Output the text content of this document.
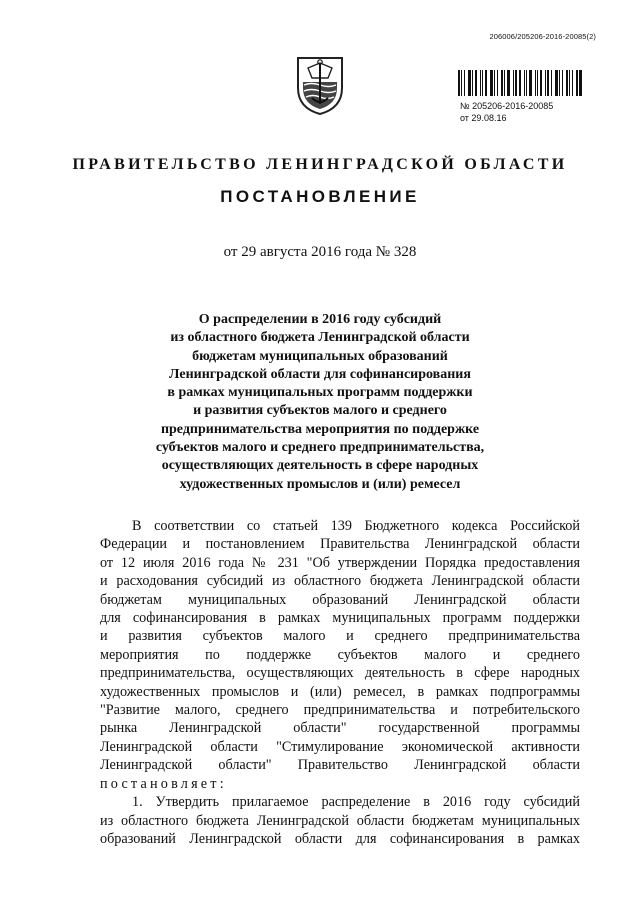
206006/205206-2016-20085(2)
№ 205206-2016-20085
от 29.08.16
ПРАВИТЕЛЬСТВО ЛЕНИНГРАДСКОЙ ОБЛАСТИ
ПОСТАНОВЛЕНИЕ
от 29 августа 2016 года № 328
О распределении в 2016 году субсидий
из областного бюджета Ленинградской области
бюджетам муниципальных образований
Ленинградской области для софинансирования
в рамках муниципальных программ поддержки
и развития субъектов малого и среднего
предпринимательства мероприятия по поддержке
субъектов малого и среднего предпринимательства,
осуществляющих деятельность в сфере народных
художественных промыслов и (или) ремесел
В соответствии со статьей 139 Бюджетного кодекса Российской
Федерации и постановлением Правительства Ленинградской области
от 12 июля 2016 года № 231 "Об утверждении Порядка предоставления
и расходования субсидий из областного бюджета Ленинградской области
бюджетам муниципальных образований Ленинградской области
для софинансирования в рамках муниципальных программ поддержки
и развития субъектов малого и среднего предпринимательства
мероприятия по поддержке субъектов малого и среднего
предпринимательства, осуществляющих деятельность в сфере народных
художественных промыслов и (или) ремесел, в рамках подпрограммы
"Развитие малого, среднего предпринимательства и потребительского
рынка Ленинградской области" государственной программы
Ленинградской области "Стимулирование экономической активности
Ленинградской области" Правительство Ленинградской области
постановляет:
1. Утвердить прилагаемое распределение в 2016 году субсидий
из областного бюджета Ленинградской области бюджетам муниципальных
образований Ленинградской области для софинансирования в рамках
